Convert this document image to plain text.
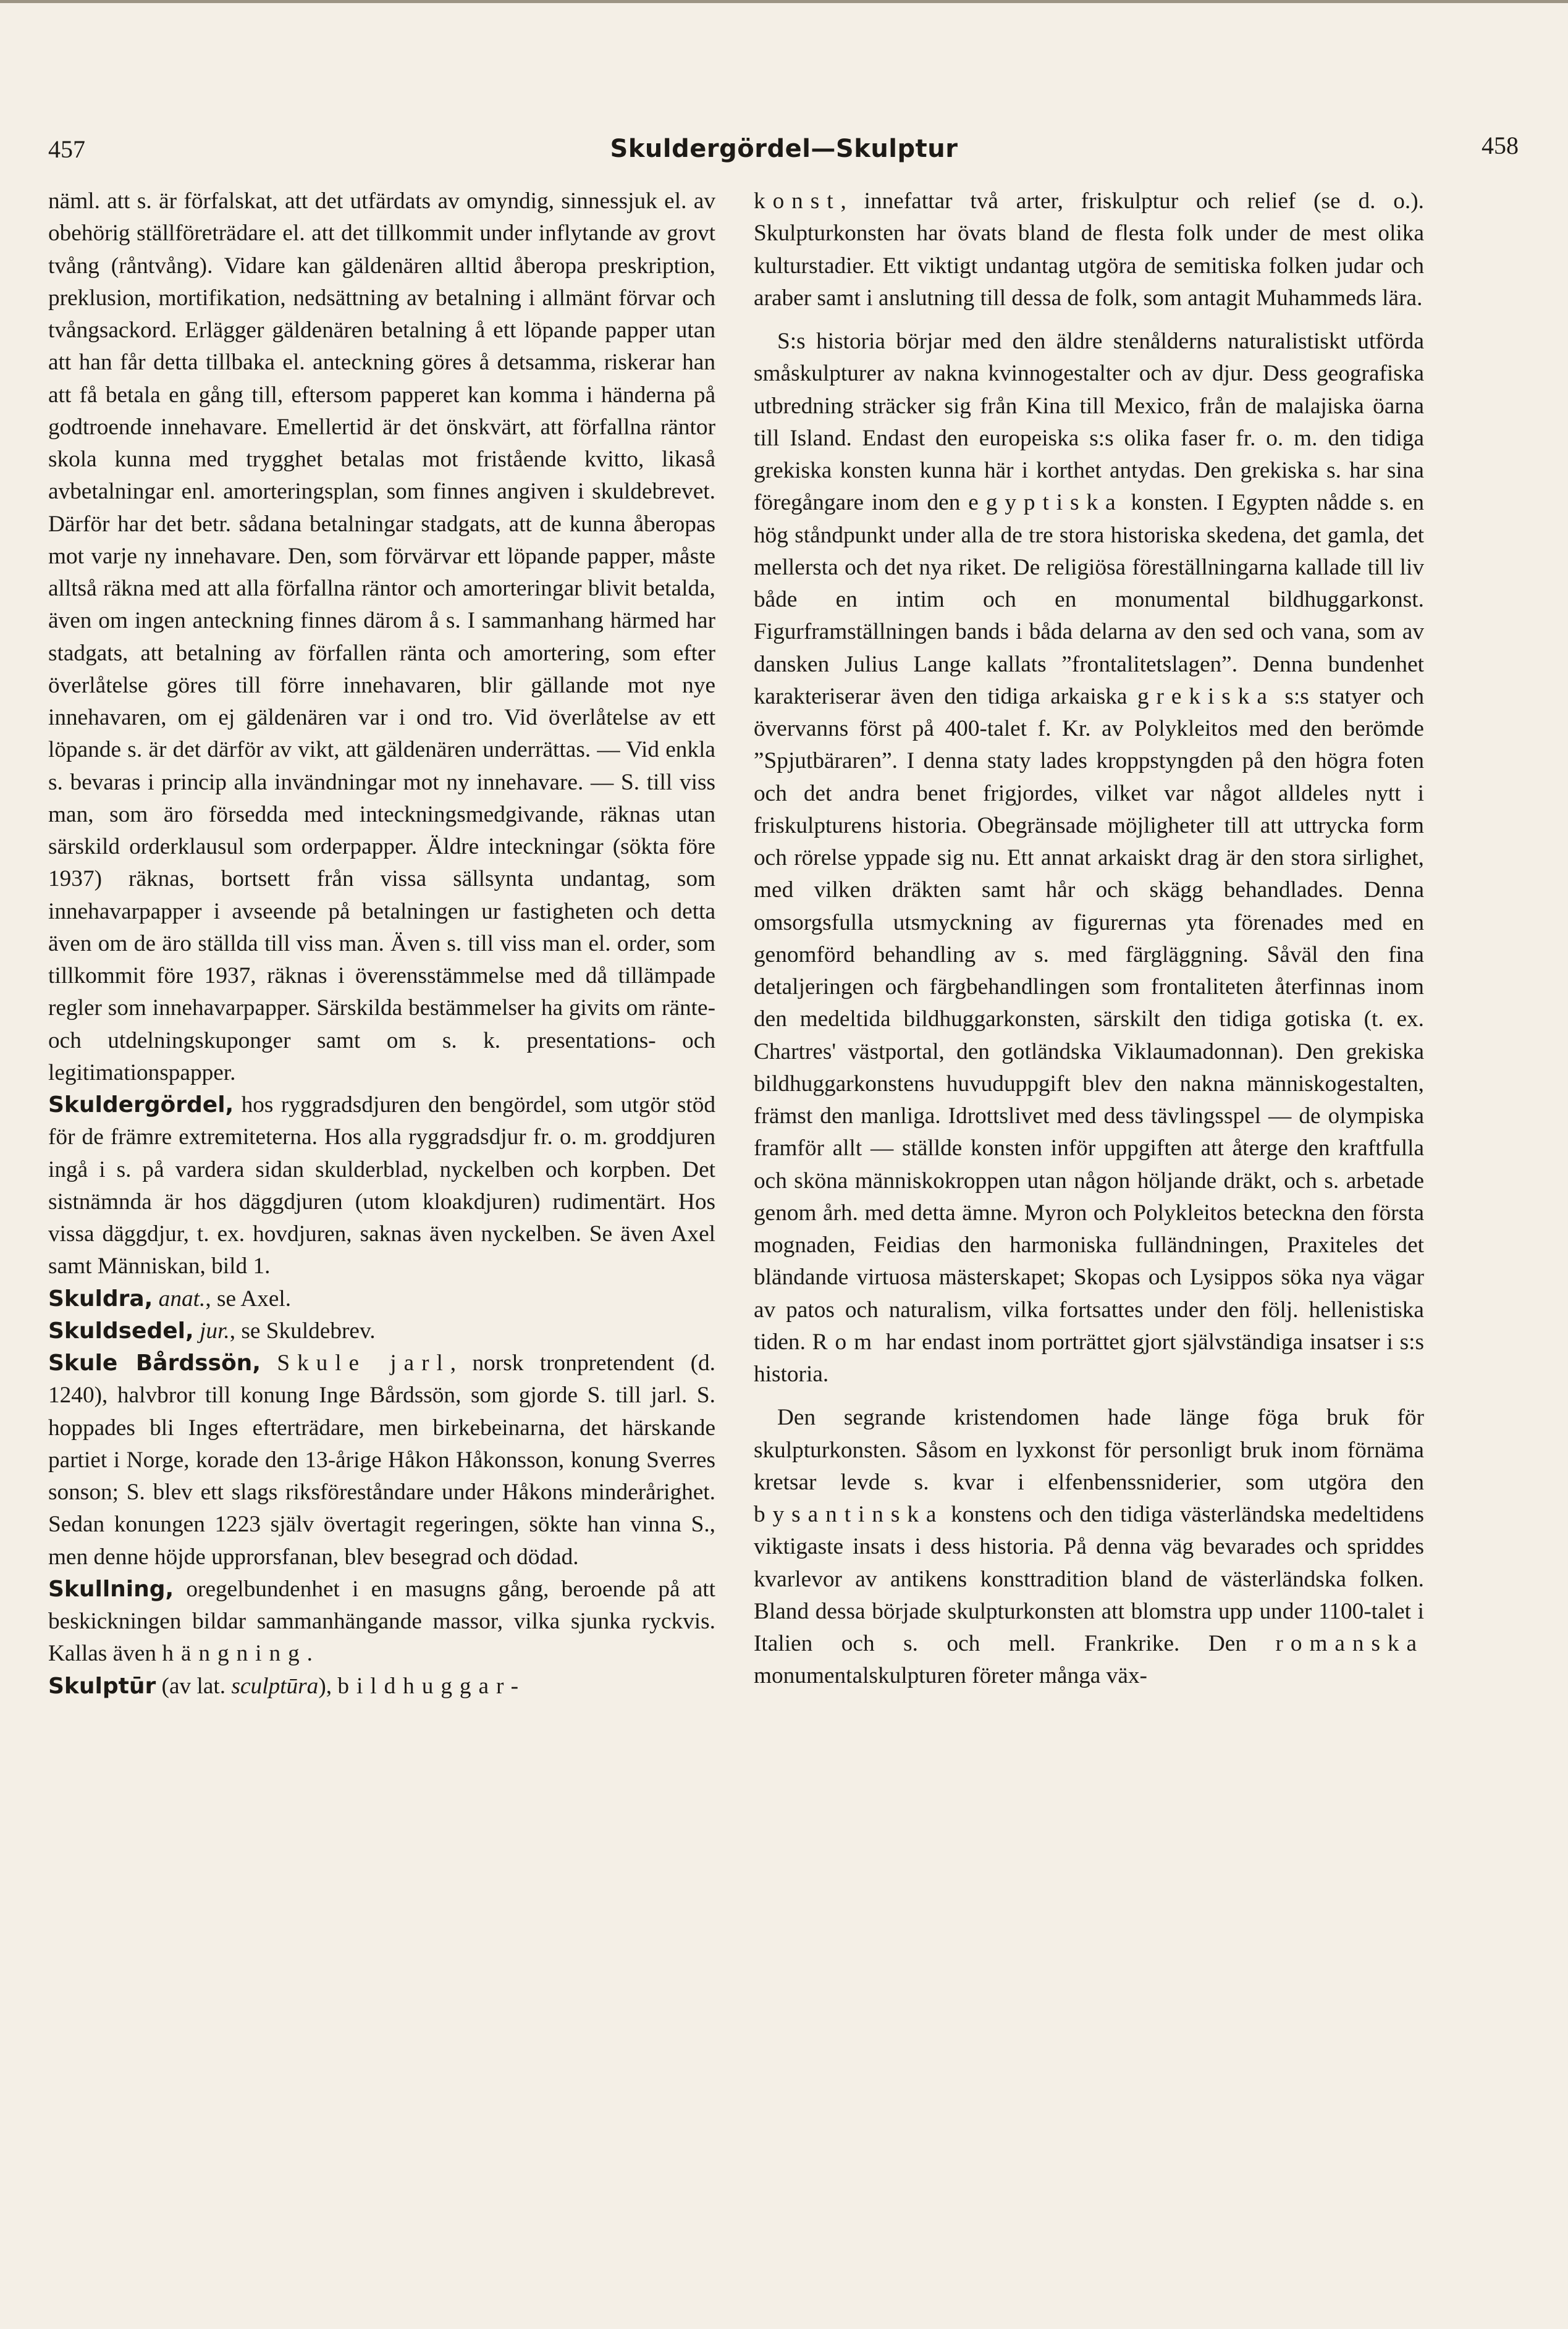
457	Skuldergördel—Skulptur	458

näml. att s. är förfalskat, att det utfärdats av omyndig, sinnessjuk el. av obehörig ställföreträdare el. att det tillkommit under inflytande av grovt tvång (råntvång). Vidare kan gäldenären alltid åberopa preskription, preklusion, mortifikation, nedsättning av betalning i allmänt förvar och tvångsackord. Erlägger gäldenären betalning å ett löpande papper utan att han får detta tillbaka el. anteckning göres å detsamma, riskerar han att få betala en gång till, eftersom papperet kan komma i händerna på godtroende innehavare. Emellertid är det önskvärt, att förfallna räntor skola kunna med trygghet betalas mot fristående kvitto, likaså avbetalningar enl. amorteringsplan, som finnes angiven i skuldebrevet. Därför har det betr. sådana betalningar stadgats, att de kunna åberopas mot varje ny innehavare. Den, som förvärvar ett löpande papper, måste alltså räkna med att alla förfallna räntor och amorteringar blivit betalda, även om ingen anteckning finnes därom å s. I sammanhang härmed har stadgats, att betalning av förfallen ränta och amortering, som efter överlåtelse göres till förre innehavaren, blir gällande mot nye innehavaren, om ej gäldenären var i ond tro. Vid överlåtelse av ett löpande s. är det därför av vikt, att gäldenären underrättas. — Vid enkla s. bevaras i princip alla invändningar mot ny innehavare. — S. till viss man, som äro försedda med inteckningsmedgivande, räknas utan särskild orderklausul som orderpapper. Äldre inteckningar (sökta före 1937) räknas, bortsett från vissa sällsynta undantag, som innehavarpapper i avseende på betalningen ur fastigheten och detta även om de äro ställda till viss man. Även s. till viss man el. order, som tillkommit före 1937, räknas i överensstämmelse med då tillämpade regler som innehavarpapper. Särskilda bestämmelser ha givits om ränte- och utdelningskuponger samt om s. k. presentations- och legitimationspapper.

Skuldergördel, hos ryggradsdjuren den bengördel, som utgör stöd för de främre extremiteterna. Hos alla ryggradsdjur fr. o. m. groddjuren ingå i s. på vardera sidan skulderblad, nyckelben och korpben. Det sistnämnda är hos däggdjuren (utom kloakdjuren) rudimentärt. Hos vissa däggdjur, t. ex. hovdjuren, saknas även nyckelben. Se även Axel samt Människan, bild 1.

Skuldra, anat., se Axel.

Skuldsedel, jur., se Skuldebrev.

Skule Bårdssön, Skule jarl, norsk tronpretendent (d. 1240), halvbror till konung Inge Bårdssön, som gjorde S. till jarl. S. hoppades bli Inges efterträdare, men birkebeinarna, det härskande partiet i Norge, korade den 13-årige Håkon Håkonsson, konung Sverres sonson; S. blev ett slags riksföreståndare under Håkons minderårighet. Sedan konungen 1223 själv övertagit regeringen, sökte han vinna S., men denne höjde upprorsfanan, blev besegrad och dödad.

Skullning, oregelbundenhet i en masugns gång, beroende på att beskickningen bildar sammanhängande massor, vilka sjunka ryckvis. Kallas även hängning.

Skulptūr (av lat. sculptūra), bildhuggar-

konst, innefattar två arter, friskulptur och relief (se d. o.). Skulpturkonsten har övats bland de flesta folk under de mest olika kulturstadier. Ett viktigt undantag utgöra de semitiska folken judar och araber samt i anslutning till dessa de folk, som antagit Muhammeds lära.

S:s historia börjar med den äldre stenålderns naturalistiskt utförda småskulpturer av nakna kvinnogestalter och av djur. Dess geografiska utbredning sträcker sig från Kina till Mexico, från de malajiska öarna till Island. Endast den europeiska s:s olika faser fr. o. m. den tidiga grekiska konsten kunna här i korthet antydas. Den grekiska s. har sina föregångare inom den egyptiska konsten. I Egypten nådde s. en hög ståndpunkt under alla de tre stora historiska skedena, det gamla, det mellersta och det nya riket. De religiösa föreställningarna kallade till liv både en intim och en monumental bildhuggarkonst. Figurframställningen bands i båda delarna av den sed och vana, som av dansken Julius Lange kallats ”frontalitetslagen”. Denna bundenhet karakteriserar även den tidiga arkaiska grekiska s:s statyer och övervanns först på 400-talet f. Kr. av Polykleitos med den berömde ”Spjutbäraren”. I denna staty lades kroppstyngden på den högra foten och det andra benet frigjordes, vilket var något alldeles nytt i friskulpturens historia. Obegränsade möjligheter till att uttrycka form och rörelse yppade sig nu. Ett annat arkaiskt drag är den stora sirlighet, med vilken dräkten samt hår och skägg behandlades. Denna omsorgsfulla utsmyckning av figurernas yta förenades med en genomförd behandling av s. med färgläggning. Såväl den fina detaljeringen och färgbehandlingen som frontaliteten återfinnas inom den medeltida bildhuggarkonsten, särskilt den tidiga gotiska (t. ex. Chartres' västportal, den gotländska Viklaumadonnan). Den grekiska bildhuggarkonstens huvuduppgift blev den nakna människogestalten, främst den manliga. Idrottslivet med dess tävlingsspel — de olympiska framför allt — ställde konsten inför uppgiften att återge den kraftfulla och sköna människokroppen utan någon höljande dräkt, och s. arbetade genom årh. med detta ämne. Myron och Polykleitos beteckna den första mognaden, Feidias den harmoniska fulländningen, Praxiteles det bländande virtuosa mästerskapet; Skopas och Lysippos söka nya vägar av patos och naturalism, vilka fortsattes under den följ. hellenistiska tiden. Rom har endast inom porträttet gjort självständiga insatser i s:s historia.

Den segrande kristendomen hade länge föga bruk för skulpturkonsten. Såsom en lyxkonst för personligt bruk inom förnäma kretsar levde s. kvar i elfenbenssniderier, som utgöra den bysantinska konstens och den tidiga västerländska medeltidens viktigaste insats i dess historia. På denna väg bevarades och spriddes kvarlevor av antikens konsttradition bland de västerländska folken. Bland dessa började skulpturkonsten att blomstra upp under 1100-talet i Italien och s. och mell. Frankrike. Den romanska monumentalskulpturen företer många väx-
